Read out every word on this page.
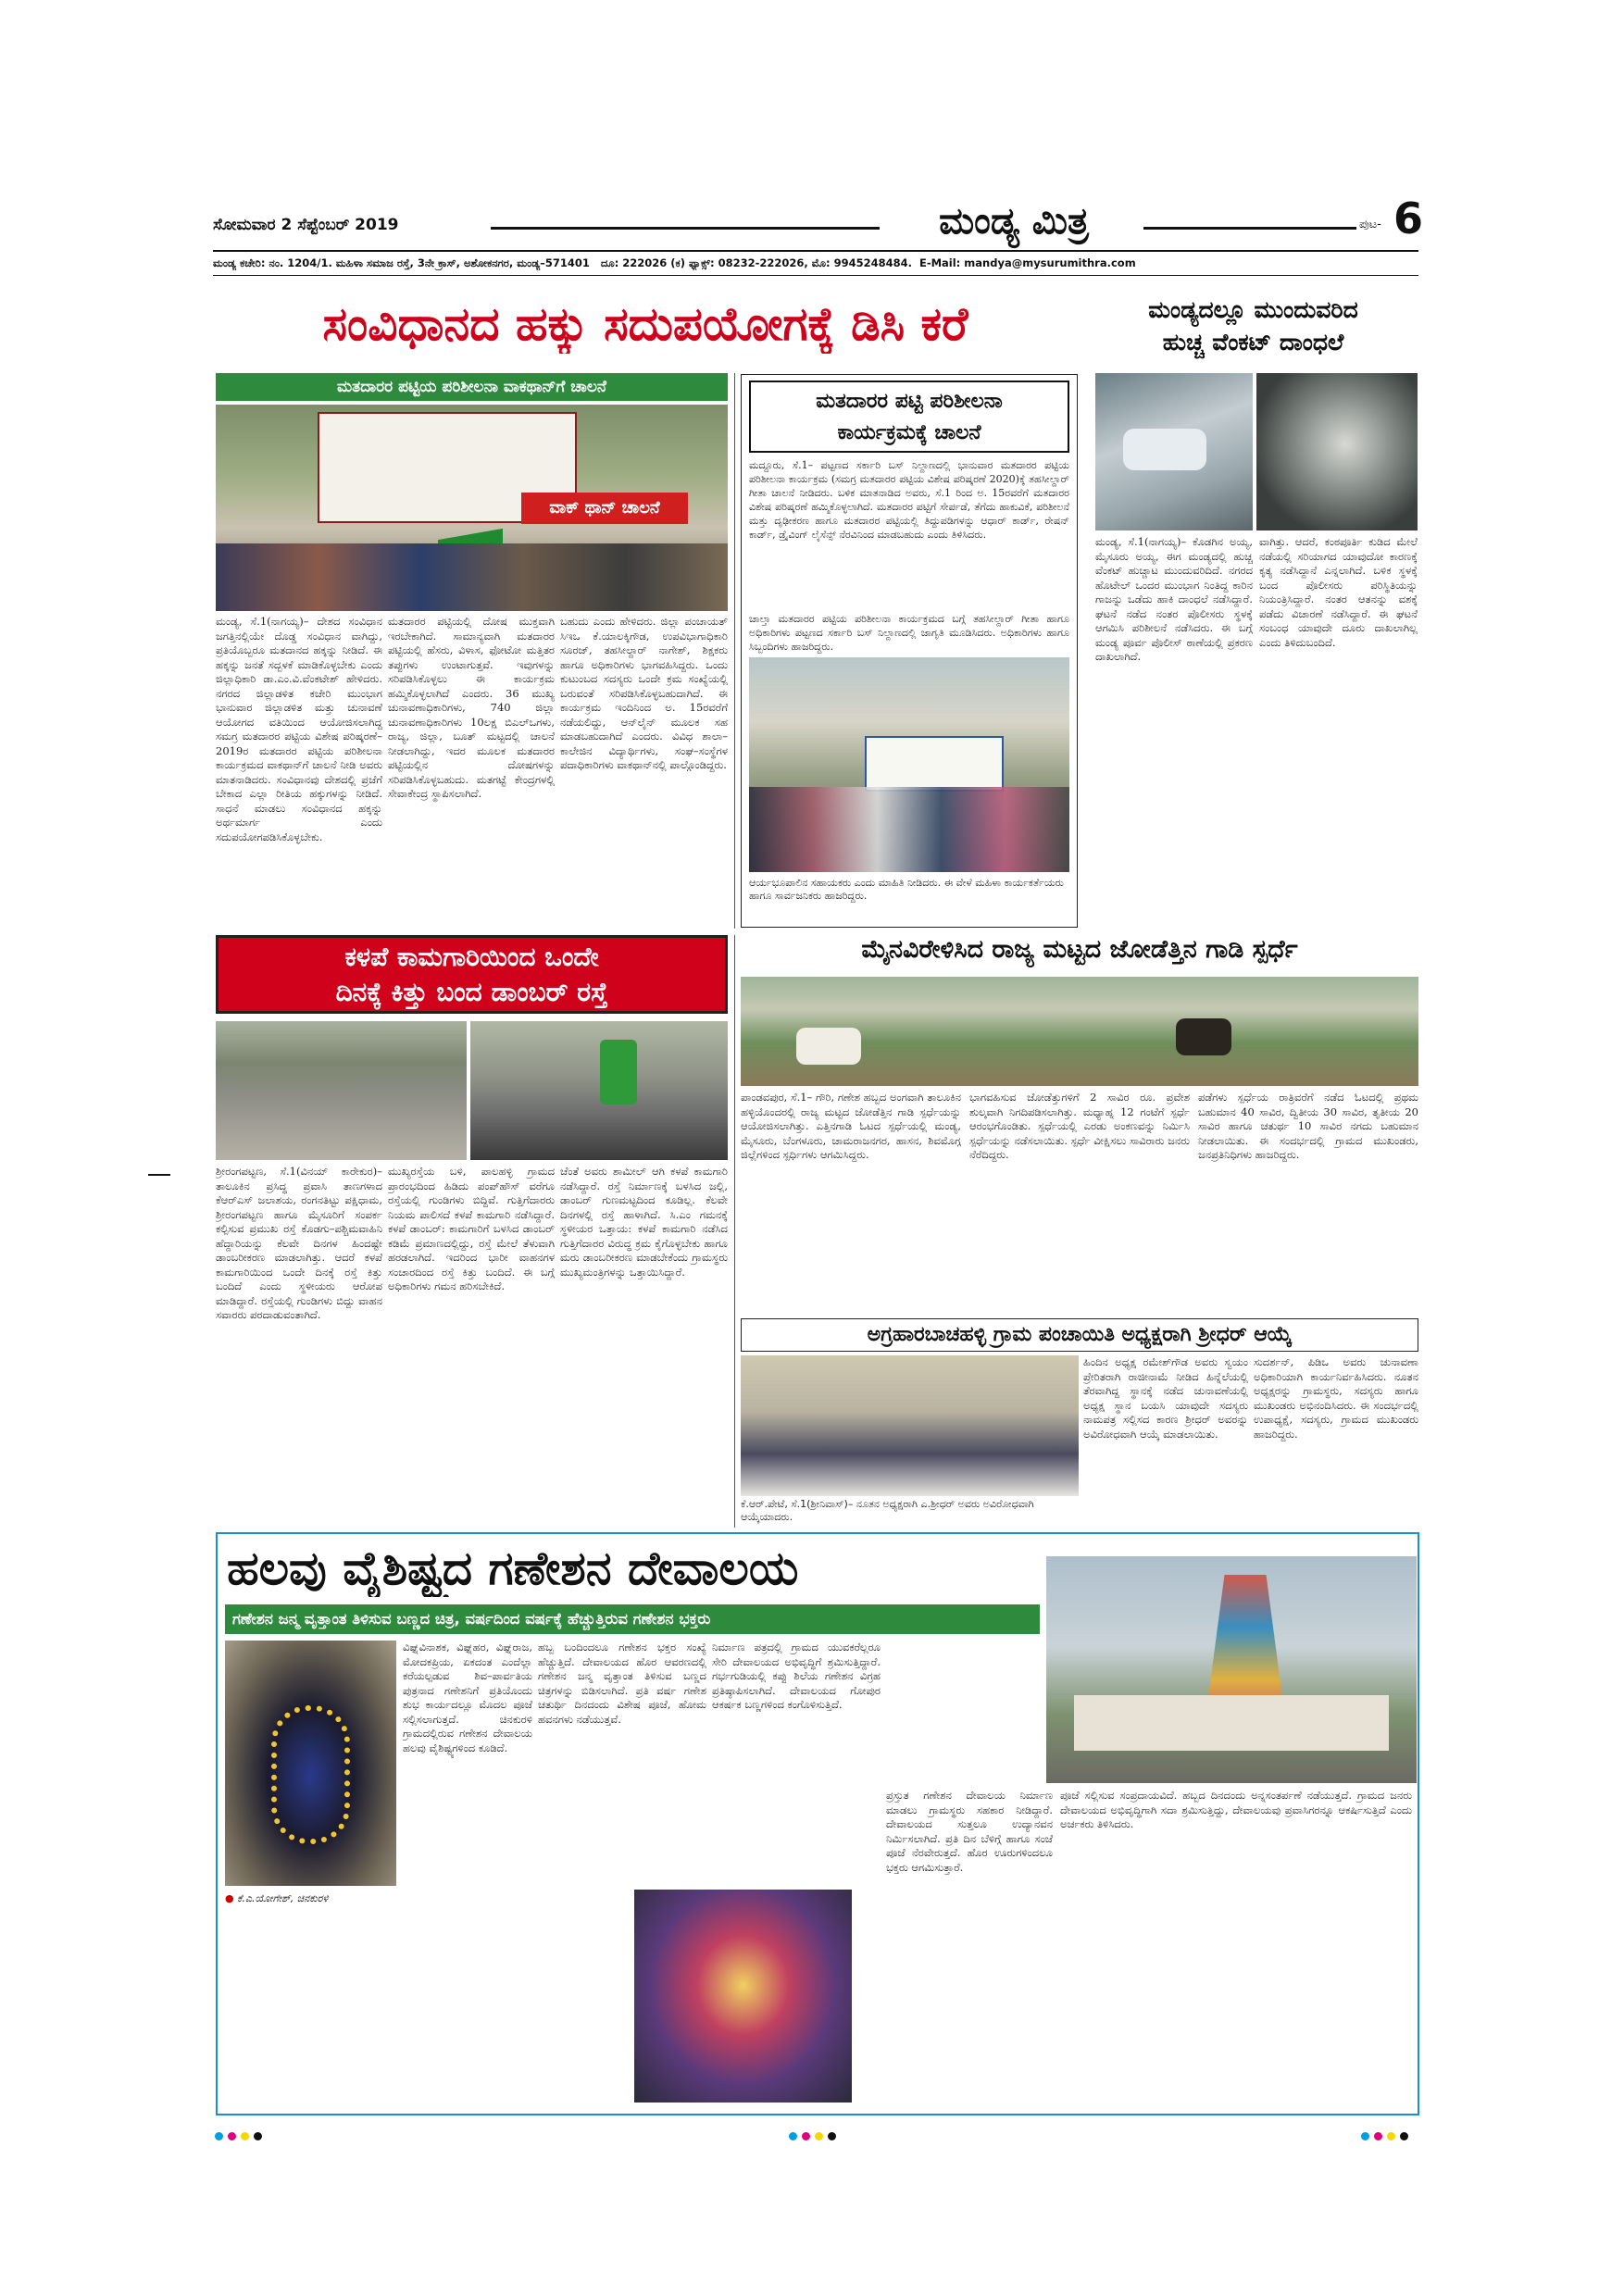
ಸೋಮವಾರ 2 ಸೆಪ್ಟೆಂಬರ್ 2019	ಮಂಡ್ಯ ಮಿತ್ರ	ಪುಟ- 6
ಮಂಡ್ಯ ಕಚೇರಿ: ನಂ. 1204/1. ಮಹಿಳಾ ಸಮಾಜ ರಸ್ತೆ, 3ನೇ ಕ್ರಾಸ್, ಅಶೋಕನಗರ, ಮಂಡ್ಯ–571401 ದೂ: 222026 (ಕ) ಫ್ಯಾಕ್ಸ್: 08232-222026, ಮೊ: 9945248484. E-Mail: mandya@mysurumithra.com
ಸಂವಿಧಾನದ ಹಕ್ಕು ಸದುಪಯೋಗಕ್ಕೆ ಡಿಸಿ ಕರೆ
ಮತದಾರರ ಪಟ್ಟಿಯ ಪರಿಶೀಲನಾ ವಾಕಥಾನ್‌ಗೆ ಚಾಲನೆ
ವಾಕ್ ಥಾನ್ ಚಾಲನೆ
ಮಂಡ್ಯ, ಸೆ.1(ನಾಗಯ್ಯ)– ದೇಶದ ಸಂವಿಧಾನ ಜಗತ್ತಿನಲ್ಲಿಯೇ ದೊಡ್ಡ ಸಂವಿಧಾನ ವಾಗಿದ್ದು, ಪ್ರತಿಯೊಬ್ಬರೂ ಮತದಾನದ ಹಕ್ಕನ್ನು ನೀಡಿದೆ. ಈ ಹಕ್ಕನ್ನು ಜನತೆ ಸದ್ಬಳಕೆ ಮಾಡಿಕೊಳ್ಳಬೇಕು ಎಂದು ಜಿಲ್ಲಾಧಿಕಾರಿ ಡಾ.ಎಂ.ವಿ.ವೆಂಕಟೇಶ್ ಹೇಳಿದರು. ನಗರದ ಜಿಲ್ಲಾಡಳಿತ ಕಚೇರಿ ಮುಂಭಾಗ ಭಾನುವಾರ ಜಿಲ್ಲಾಡಳಿತ ಮತ್ತು ಚುನಾವಣೆ ಆಯೋಗದ ವತಿಯಿಂದ ಆಯೋಜಿಸಲಾಗಿದ್ದ ಸಮಗ್ರ ಮತದಾರರ ಪಟ್ಟಿಯ ವಿಶೇಷ ಪರಿಷ್ಕರಣೆ–2019ರ ಮತದಾರರ ಪಟ್ಟಿಯ ಪರಿಶೀಲನಾ ಕಾರ್ಯಕ್ರಮದ ವಾಕಥಾನ್‌ಗೆ ಚಾಲನೆ ನೀಡಿ ಅವರು ಮಾತನಾಡಿದರು. ಸಂವಿಧಾನವು ದೇಶದಲ್ಲಿ ಪ್ರಜೆಗೆ ಬೇಕಾದ ಎಲ್ಲಾ ರೀತಿಯ ಹಕ್ಕುಗಳನ್ನು ನೀಡಿದೆ. ಸಾಧನೆ ಮಾಡಲು ಸಂವಿಧಾನದ ಹಕ್ಕನ್ನು ಅರ್ಥಮಾರ್ಗ ಎಂದು ಸದುಪಯೋಗಪಡಿಸಿಕೊಳ್ಳಬೇಕು.
ಮತದಾರರ ಪಟ್ಟಿಯಲ್ಲಿ ದೋಷ ಮುಕ್ತವಾಗಿ ಇರಬೇಕಾಗಿದೆ. ಸಾಮಾನ್ಯವಾಗಿ ಮತದಾರರ ಪಟ್ಟಿಯಲ್ಲಿ ಹೆಸರು, ವಿಳಾಸ, ಫೋಟೋ ಮತ್ತಿತರ ತಪ್ಪುಗಳು ಉಂಟಾಗುತ್ತವೆ. ಇವುಗಳನ್ನು ಸರಿಪಡಿಸಿಕೊಳ್ಳಲು ಈ ಕಾರ್ಯಕ್ರಮ ಹಮ್ಮಿಕೊಳ್ಳಲಾಗಿದೆ ಎಂದರು. 36 ಮುಖ್ಯ ಚುನಾವಣಾಧಿಕಾರಿಗಳು, 740 ಜಿಲ್ಲಾ ಚುನಾವಣಾಧಿಕಾರಿಗಳು 10ಲಕ್ಷ ಬಿಎಲ್‌ಒಗಳು, ರಾಜ್ಯ, ಜಿಲ್ಲಾ, ಬೂತ್ ಮಟ್ಟದಲ್ಲಿ ಚಾಲನೆ ನೀಡಲಾಗಿದ್ದು, ಇದರ ಮೂಲಕ ಮತದಾರರ ಪಟ್ಟಿಯಲ್ಲಿನ ದೋಷಗಳನ್ನು ಸರಿಪಡಿಸಿಕೊಳ್ಳಬಹುದು. ಮತಗಟ್ಟೆ ಕೇಂದ್ರಗಳಲ್ಲಿ ಸೇವಾಕೇಂದ್ರ ಸ್ಥಾಪಿಸಲಾಗಿದೆ.
ಬಹುದು ಎಂದು ಹೇಳಿದರು. ಜಿಲ್ಲಾ ಪಂಚಾಯತ್ ಸಿಇಒ ಕೆ.ಯಾಲಕ್ಕಿಗೌಡ, ಉಪವಿಭಾಗಾಧಿಕಾರಿ ಸೂರಜ್, ತಹಸೀಲ್ದಾರ್ ನಾಗೇಶ್, ಶಿಕ್ಷಕರು ಹಾಗೂ ಅಧಿಕಾರಿಗಳು ಭಾಗವಹಿಸಿದ್ದರು. ಒಂದು ಕುಟುಂಬದ ಸದಸ್ಯರು ಒಂದೇ ಕ್ರಮ ಸಂಖ್ಯೆಯಲ್ಲಿ ಬರುವಂತೆ ಸರಿಪಡಿಸಿಕೊಳ್ಳಬಹುದಾಗಿದೆ. ಈ ಕಾರ್ಯಕ್ರಮ ಇಂದಿನಿಂದ ಅ. 15ರವರೆಗೆ ನಡೆಯಲಿದ್ದು, ಆನ್‌ಲೈನ್ ಮೂಲಕ ಸಹ ಮಾಡಬಹುದಾಗಿದೆ ಎಂದರು. ವಿವಿಧ ಶಾಲಾ–ಕಾಲೇಜಿನ ವಿದ್ಯಾರ್ಥಿಗಳು, ಸಂಘ–ಸಂಸ್ಥೆಗಳ ಪದಾಧಿಕಾರಿಗಳು ವಾಕಥಾನ್‌ನಲ್ಲಿ ಪಾಲ್ಗೊಂಡಿದ್ದರು.
ಮತದಾರರ ಪಟ್ಟಿ ಪರಿಶೀಲನಾ ಕಾರ್ಯಕ್ರಮಕ್ಕೆ ಚಾಲನೆ
ಮದ್ದೂರು, ಸೆ.1– ಪಟ್ಟಣದ ಸರ್ಕಾರಿ ಬಸ್ ನಿಲ್ದಾಣದಲ್ಲಿ ಭಾನುವಾರ ಮತದಾರರ ಪಟ್ಟಿಯ ಪರಿಶೀಲನಾ ಕಾರ್ಯಕ್ರಮ (ಸಮಗ್ರ ಮತದಾರರ ಪಟ್ಟಿಯ ವಿಶೇಷ ಪರಿಷ್ಕರಣೆ 2020)ಕ್ಕೆ ತಹಸೀಲ್ದಾರ್ ಗೀತಾ ಚಾಲನೆ ನೀಡಿದರು. ಬಳಿಕ ಮಾತನಾಡಿದ ಅವರು, ಸೆ.1 ರಿಂದ ಅ. 15ರವರೆಗೆ ಮತದಾರರ ವಿಶೇಷ ಪರಿಷ್ಕರಣೆ ಹಮ್ಮಿಕೊಳ್ಳಲಾಗಿದೆ. ಮತದಾರರ ಪಟ್ಟಿಗೆ ಸೇರ್ಪಡೆ, ತೆಗೆದು ಹಾಕುವಿಕೆ, ಪರಿಶೀಲನೆ ಮತ್ತು ದೃಢೀಕರಣ ಹಾಗೂ ಮತದಾರರ ಪಟ್ಟಿಯಲ್ಲಿ ತಿದ್ದುಪಡಿಗಳನ್ನು ಆಧಾರ್ ಕಾರ್ಡ್, ರೇಷನ್ ಕಾರ್ಡ್, ಡ್ರೈವಿಂಗ್ ಲೈಸೆನ್ಸ್ ನೆರವಿನಿಂದ ಮಾಡಬಹುದು ಎಂದು ತಿಳಿಸಿದರು.
ಚಾಲ್ತಾ ಮತದಾರರ ಪಟ್ಟಿಯ ಪರಿಶೀಲನಾ ಕಾರ್ಯಕ್ರಮದ ಬಗ್ಗೆ ತಹಸೀಲ್ದಾರ್ ಗೀತಾ ಹಾಗೂ ಅಧಿಕಾರಿಗಳು ಪಟ್ಟಣದ ಸರ್ಕಾರಿ ಬಸ್ ನಿಲ್ದಾಣದಲ್ಲಿ ಜಾಗೃತಿ ಮೂಡಿಸಿದರು. ಅಧಿಕಾರಿಗಳು ಹಾಗೂ ಸಿಬ್ಬಂದಿಗಳು ಹಾಜರಿದ್ದರು.
ಆರ್ಯಭೂಪಾಲಿನ ಸಹಾಯಕರು ಎಂದು ಮಾಹಿತಿ ನೀಡಿದರು. ಈ ವೇಳೆ ಮಹಿಳಾ ಕಾರ್ಯಕರ್ತೆಯರು ಹಾಗೂ ಸಾರ್ವಜನಿಕರು ಹಾಜರಿದ್ದರು.
ಮಂಡ್ಯದಲ್ಲೂ ಮುಂದುವರಿದ
ಹುಚ್ಚ ವೆಂಕಟ್ ದಾಂಧಲೆ
ಮಂಡ್ಯ, ಸೆ.1(ನಾಗಯ್ಯ)– ಕೊಡಗಿನ ಅಯ್ಯ, ಮೈಸೂರು ಅಯ್ಯ, ಈಗ ಮಂಡ್ಯದಲ್ಲಿ ಹುಚ್ಚ ವೆಂಕಟ್ ಹುಚ್ಚಾಟ ಮುಂದುವರಿದಿದೆ. ನಗರದ ಹೊಟೇಲ್ ಒಂದರ ಮುಂಭಾಗ ನಿಂತಿದ್ದ ಕಾರಿನ ಗಾಜನ್ನು ಒಡೆದು ಹಾಕಿ ದಾಂಧಲೆ ನಡೆಸಿದ್ದಾರೆ. ಘಟನೆ ನಡೆದ ನಂತರ ಪೊಲೀಸರು ಸ್ಥಳಕ್ಕೆ ಆಗಮಿಸಿ ಪರಿಶೀಲನೆ ನಡೆಸಿದರು. ಈ ಬಗ್ಗೆ ಮಂಡ್ಯ ಪೂರ್ವ ಪೊಲೀಸ್ ಠಾಣೆಯಲ್ಲಿ ಪ್ರಕರಣ ದಾಖಲಾಗಿದೆ.
ವಾಗಿತ್ತು. ಆದರೆ, ಕಂಠಪೂರ್ತಿ ಕುಡಿದ ಮೇಲೆ ನಡೆಯಲ್ಲಿ ಸರಿಯಾಗದ ಯಾವುದೋ ಕಾರಣಕ್ಕೆ ಕೃತ್ಯ ನಡೆಸಿದ್ದಾನೆ ಎನ್ನಲಾಗಿದೆ. ಬಳಿಕ ಸ್ಥಳಕ್ಕೆ ಬಂದ ಪೊಲೀಸರು ಪರಿಸ್ಥಿತಿಯನ್ನು ನಿಯಂತ್ರಿಸಿದ್ದಾರೆ. ನಂತರ ಆತನನ್ನು ವಶಕ್ಕೆ ಪಡೆದು ವಿಚಾರಣೆ ನಡೆಸಿದ್ದಾರೆ. ಈ ಘಟನೆ ಸಂಬಂಧ ಯಾವುದೇ ದೂರು ದಾಖಲಾಗಿಲ್ಲ ಎಂದು ತಿಳಿದುಬಂದಿದೆ.
ಕಳಪೆ ಕಾಮಗಾರಿಯಿಂದ ಒಂದೇ
ದಿನಕ್ಕೆ ಕಿತ್ತು ಬಂದ ಡಾಂಬರ್ ರಸ್ತೆ
ಶ್ರೀರಂಗಪಟ್ಟಣ, ಸೆ.1(ವಿನಯ್ ಕಾರೇಕುರ)– ತಾಲೂಕಿನ ಪ್ರಸಿದ್ಧ ಪ್ರವಾಸಿ ತಾಣಗಳಾದ ಕೆಆರ್‌ಎಸ್ ಜಲಾಶಯ, ರಂಗನತಿಟ್ಟು ಪಕ್ಷಿಧಾಮ, ಶ್ರೀರಂಗಪಟ್ಟಣ ಹಾಗೂ ಮೈಸೂರಿಗೆ ಸಂಪರ್ಕ ಕಲ್ಪಿಸುವ ಪ್ರಮುಖ ರಸ್ತೆ ಕೊಡಗು–ಪಶ್ಚಿಮವಾಹಿನಿ ಹೆದ್ದಾರಿಯನ್ನು ಕೆಲವೇ ದಿನಗಳ ಹಿಂದಷ್ಟೇ ಡಾಂಬರೀಕರಣ ಮಾಡಲಾಗಿತ್ತು. ಆದರೆ ಕಳಪೆ ಕಾಮಗಾರಿಯಿಂದ ಒಂದೇ ದಿನಕ್ಕೆ ರಸ್ತೆ ಕಿತ್ತು ಬಂದಿದೆ ಎಂದು ಸ್ಥಳೀಯರು ಆರೋಪ ಮಾಡಿದ್ದಾರೆ. ರಸ್ತೆಯಲ್ಲಿ ಗುಂಡಿಗಳು ಬಿದ್ದು ವಾಹನ ಸವಾರರು ಪರದಾಡುವಂತಾಗಿದೆ.
ಮುಖ್ಯರಸ್ತೆಯ ಬಳಿ, ಪಾಲಹಳ್ಳಿ ಗ್ರಾಮದ ಪ್ರಾರಂಭದಿಂದ ಹಿಡಿದು ಪಂಪ್‌ಹೌಸ್ ವರೆಗೂ ರಸ್ತೆಯಲ್ಲಿ ಗುಂಡಿಗಳು ಬಿದ್ದಿವೆ. ಗುತ್ತಿಗೆದಾರರು ನಿಯಮ ಪಾಲಿಸದೆ ಕಳಪೆ ಕಾಮಗಾರಿ ನಡೆಸಿದ್ದಾರೆ. ಕಳಪೆ ಡಾಂಬರ್: ಕಾಮಗಾರಿಗೆ ಬಳಸಿದ ಡಾಂಬರ್ ಕಡಿಮೆ ಪ್ರಮಾಣದಲ್ಲಿದ್ದು, ರಸ್ತೆ ಮೇಲೆ ತೆಳುವಾಗಿ ಹರಡಲಾಗಿದೆ. ಇದರಿಂದ ಭಾರೀ ವಾಹನಗಳ ಸಂಚಾರದಿಂದ ರಸ್ತೆ ಕಿತ್ತು ಬಂದಿದೆ. ಈ ಬಗ್ಗೆ ಅಧಿಕಾರಿಗಳು ಗಮನ ಹರಿಸಬೇಕಿದೆ.
ಚೆಂತೆ ಅವರು ಶಾಮೀಲ್ ಆಗಿ ಕಳಪೆ ಕಾಮಗಾರಿ ನಡೆಸಿದ್ದಾರೆ. ರಸ್ತೆ ನಿರ್ಮಾಣಕ್ಕೆ ಬಳಸಿದ ಜಲ್ಲಿ, ಡಾಂಬರ್ ಗುಣಮಟ್ಟದಿಂದ ಕೂಡಿಲ್ಲ. ಕೆಲವೇ ದಿನಗಳಲ್ಲಿ ರಸ್ತೆ ಹಾಳಾಗಿದೆ. ಸಿ.ಎಂ ಗಮನಕ್ಕೆ ಸ್ಥಳೀಯರ ಒತ್ತಾಯ: ಕಳಪೆ ಕಾಮಗಾರಿ ನಡೆಸಿದ ಗುತ್ತಿಗೆದಾರರ ವಿರುದ್ಧ ಕ್ರಮ ಕೈಗೊಳ್ಳಬೇಕು ಹಾಗೂ ಮರು ಡಾಂಬರೀಕರಣ ಮಾಡಬೇಕೆಂದು ಗ್ರಾಮಸ್ಥರು ಮುಖ್ಯಮಂತ್ರಿಗಳನ್ನು ಒತ್ತಾಯಿಸಿದ್ದಾರೆ.
ಮೈನವಿರೇಳಿಸಿದ ರಾಜ್ಯ ಮಟ್ಟದ ಜೋಡೆತ್ತಿನ ಗಾಡಿ ಸ್ಪರ್ಧೆ
ಪಾಂಡವಪುರ, ಸೆ.1– ಗೌರಿ, ಗಣೇಶ ಹಬ್ಬದ ಅಂಗವಾಗಿ ತಾಲೂಕಿನ ಹಳ್ಳಿಯೊಂದರಲ್ಲಿ ರಾಜ್ಯ ಮಟ್ಟದ ಜೋಡೆತ್ತಿನ ಗಾಡಿ ಸ್ಪರ್ಧೆಯನ್ನು ಆಯೋಜಿಸಲಾಗಿತ್ತು. ಎತ್ತಿನಗಾಡಿ ಓಟದ ಸ್ಪರ್ಧೆಯಲ್ಲಿ ಮಂಡ್ಯ, ಮೈಸೂರು, ಬೆಂಗಳೂರು, ಚಾಮರಾಜನಗರ, ಹಾಸನ, ಶಿವಮೊಗ್ಗ ಜಿಲ್ಲೆಗಳಿಂದ ಸ್ಪರ್ಧಿಗಳು ಆಗಮಿಸಿದ್ದರು.
ಭಾಗವಹಿಸುವ ಜೋಡೆತ್ತುಗಳಿಗೆ 2 ಸಾವಿರ ರೂ. ಪ್ರವೇಶ ಶುಲ್ಕವಾಗಿ ನಿಗದಿಪಡಿಸಲಾಗಿತ್ತು. ಮಧ್ಯಾಹ್ನ 12 ಗಂಟೆಗೆ ಸ್ಪರ್ಧೆ ಆರಂಭಗೊಂಡಿತು. ಸ್ಪರ್ಧೆಯಲ್ಲಿ ಎರಡು ಅಂಕಣವನ್ನು ನಿರ್ಮಿಸಿ ಸ್ಪರ್ಧೆಯನ್ನು ನಡೆಸಲಾಯಿತು. ಸ್ಪರ್ಧೆ ವೀಕ್ಷಿಸಲು ಸಾವಿರಾರು ಜನರು ನೆರೆದಿದ್ದರು.
ಪಡೆಗಳು ಸ್ಪರ್ಧೆಯ ರಾತ್ರಿವರೆಗೆ ನಡೆದ ಓಟದಲ್ಲಿ ಪ್ರಥಮ ಬಹುಮಾನ 40 ಸಾವಿರ, ದ್ವಿತೀಯ 30 ಸಾವಿರ, ತೃತೀಯ 20 ಸಾವಿರ ಹಾಗೂ ಚತುರ್ಥ 10 ಸಾವಿರ ನಗದು ಬಹುಮಾನ ನೀಡಲಾಯಿತು. ಈ ಸಂದರ್ಭದಲ್ಲಿ ಗ್ರಾಮದ ಮುಖಂಡರು, ಜನಪ್ರತಿನಿಧಿಗಳು ಹಾಜರಿದ್ದರು.
ಅಗ್ರಹಾರಬಾಚಹಳ್ಳಿ ಗ್ರಾಮ ಪಂಚಾಯಿತಿ ಅಧ್ಯಕ್ಷರಾಗಿ ಶ್ರೀಧರ್ ಆಯ್ಕೆ
ಕೆ.ಆರ್.ಪೇಟೆ, ಸೆ.1(ಶ್ರೀನಿವಾಸ್)– ನೂತನ ಅಧ್ಯಕ್ಷರಾಗಿ ಎ.ಶ್ರೀಧರ್ ಅವರು ಅವಿರೋಧವಾಗಿ ಆಯ್ಕೆಯಾದರು.
ಹಿಂದಿನ ಅಧ್ಯಕ್ಷ ರಮೇಶ್‌ಗೌಡ ಅವರು ಸ್ವಯಂ ಪ್ರೇರಿತರಾಗಿ ರಾಜೀನಾಮೆ ನೀಡಿದ ಹಿನ್ನೆಲೆಯಲ್ಲಿ ತೆರವಾಗಿದ್ದ ಸ್ಥಾನಕ್ಕೆ ನಡೆದ ಚುನಾವಣೆಯಲ್ಲಿ ಅಧ್ಯಕ್ಷ ಸ್ಥಾನ ಬಯಸಿ ಯಾವುದೇ ಸದಸ್ಯರು ನಾಮಪತ್ರ ಸಲ್ಲಿಸದ ಕಾರಣ ಶ್ರೀಧರ್ ಅವರನ್ನು ಅವಿರೋಧವಾಗಿ ಆಯ್ಕೆ ಮಾಡಲಾಯಿತು.
ಸುದರ್ಶನ್, ಪಿಡಿಒ ಅವರು ಚುನಾವಣಾ ಅಧಿಕಾರಿಯಾಗಿ ಕಾರ್ಯನಿರ್ವಹಿಸಿದರು. ನೂತನ ಅಧ್ಯಕ್ಷರನ್ನು ಗ್ರಾಮಸ್ಥರು, ಸದಸ್ಯರು ಹಾಗೂ ಮುಖಂಡರು ಅಭಿನಂದಿಸಿದರು. ಈ ಸಂದರ್ಭದಲ್ಲಿ ಉಪಾಧ್ಯಕ್ಷೆ, ಸದಸ್ಯರು, ಗ್ರಾಮದ ಮುಖಂಡರು ಹಾಜರಿದ್ದರು.
ಹಲವು ವೈಶಿಷ್ಟ್ಯದ ಗಣೇಶನ ದೇವಾಲಯ
ಗಣೇಶನ ಜನ್ಮ ವೃತ್ತಾಂತ ತಿಳಿಸುವ ಬಣ್ಣದ ಚಿತ್ರ, ವರ್ಷದಿಂದ ವರ್ಷಕ್ಕೆ ಹೆಚ್ಚುತ್ತಿರುವ ಗಣೇಶನ ಭಕ್ತರು
● ಕೆ.ಎ.ಯೋಗೇಶ್, ಚಿನಕುರಳಿ
ವಿಘ್ನವಿನಾಶಕ, ವಿಘ್ನಹರ, ವಿಘ್ನರಾಜ, ಮೋದಕಪ್ರಿಯ, ಏಕದಂತ ಎಂದೆಲ್ಲಾ ಕರೆಯಲ್ಪಡುವ ಶಿವ–ಪಾರ್ವತಿಯ ಪುತ್ರನಾದ ಗಣೇಶನಿಗೆ ಪ್ರತಿಯೊಂದು ಶುಭ ಕಾರ್ಯದಲ್ಲೂ ಮೊದಲ ಪೂಜೆ ಸಲ್ಲಿಸಲಾಗುತ್ತದೆ. ಚಿನಕುರಳಿ ಗ್ರಾಮದಲ್ಲಿರುವ ಗಣೇಶನ ದೇವಾಲಯ ಹಲವು ವೈಶಿಷ್ಟ್ಯಗಳಿಂದ ಕೂಡಿದೆ.
ಹಬ್ಬ ಬಂದಿಂದಲೂ ಗಣೇಶನ ಭಕ್ತರ ಸಂಖ್ಯೆ ಹೆಚ್ಚುತ್ತಿದೆ. ದೇವಾಲಯದ ಹೊರ ಆವರಣದಲ್ಲಿ ಗಣೇಶನ ಜನ್ಮ ವೃತ್ತಾಂತ ತಿಳಿಸುವ ಬಣ್ಣದ ಚಿತ್ರಗಳನ್ನು ಬಿಡಿಸಲಾಗಿದೆ. ಪ್ರತಿ ವರ್ಷ ಗಣೇಶ ಚತುರ್ಥಿ ದಿನದಂದು ವಿಶೇಷ ಪೂಜೆ, ಹೋಮ ಹವನಗಳು ನಡೆಯುತ್ತವೆ.
ನಿರ್ಮಾಣ ಪತ್ರದಲ್ಲಿ ಗ್ರಾಮದ ಯುವಕರೆಲ್ಲರೂ ಸೇರಿ ದೇವಾಲಯದ ಅಭಿವೃದ್ಧಿಗೆ ಶ್ರಮಿಸುತ್ತಿದ್ದಾರೆ. ಗರ್ಭಗುಡಿಯಲ್ಲಿ ಕಪ್ಪು ಶಿಲೆಯ ಗಣೇಶನ ವಿಗ್ರಹ ಪ್ರತಿಷ್ಠಾಪಿಸಲಾಗಿದೆ. ದೇವಾಲಯದ ಗೋಪುರ ಆಕರ್ಷಕ ಬಣ್ಣಗಳಿಂದ ಕಂಗೊಳಿಸುತ್ತಿದೆ.
ಪ್ರಸ್ತುತ ಗಣೇಶನ ದೇವಾಲಯ ನಿರ್ಮಾಣ ಮಾಡಲು ಗ್ರಾಮಸ್ಥರು ಸಹಕಾರ ನೀಡಿದ್ದಾರೆ. ದೇವಾಲಯದ ಸುತ್ತಲೂ ಉದ್ಯಾನವನ ನಿರ್ಮಿಸಲಾಗಿದೆ. ಪ್ರತಿ ದಿನ ಬೆಳಿಗ್ಗೆ ಹಾಗೂ ಸಂಜೆ ಪೂಜೆ ನೆರವೇರುತ್ತದೆ. ಹೊರ ಊರುಗಳಿಂದಲೂ ಭಕ್ತರು ಆಗಮಿಸುತ್ತಾರೆ.
ಪೂಜೆ ಸಲ್ಲಿಸುವ ಸಂಪ್ರದಾಯವಿದೆ. ಹಬ್ಬದ ದಿನದಂದು ಅನ್ನಸಂತರ್ಪಣೆ ನಡೆಯುತ್ತದೆ. ಗ್ರಾಮದ ಜನರು ದೇವಾಲಯದ ಅಭಿವೃದ್ಧಿಗಾಗಿ ಸದಾ ಶ್ರಮಿಸುತ್ತಿದ್ದು, ದೇವಾಲಯವು ಪ್ರವಾಸಿಗರನ್ನೂ ಆಕರ್ಷಿಸುತ್ತಿದೆ ಎಂದು ಅರ್ಚಕರು ತಿಳಿಸಿದರು.
